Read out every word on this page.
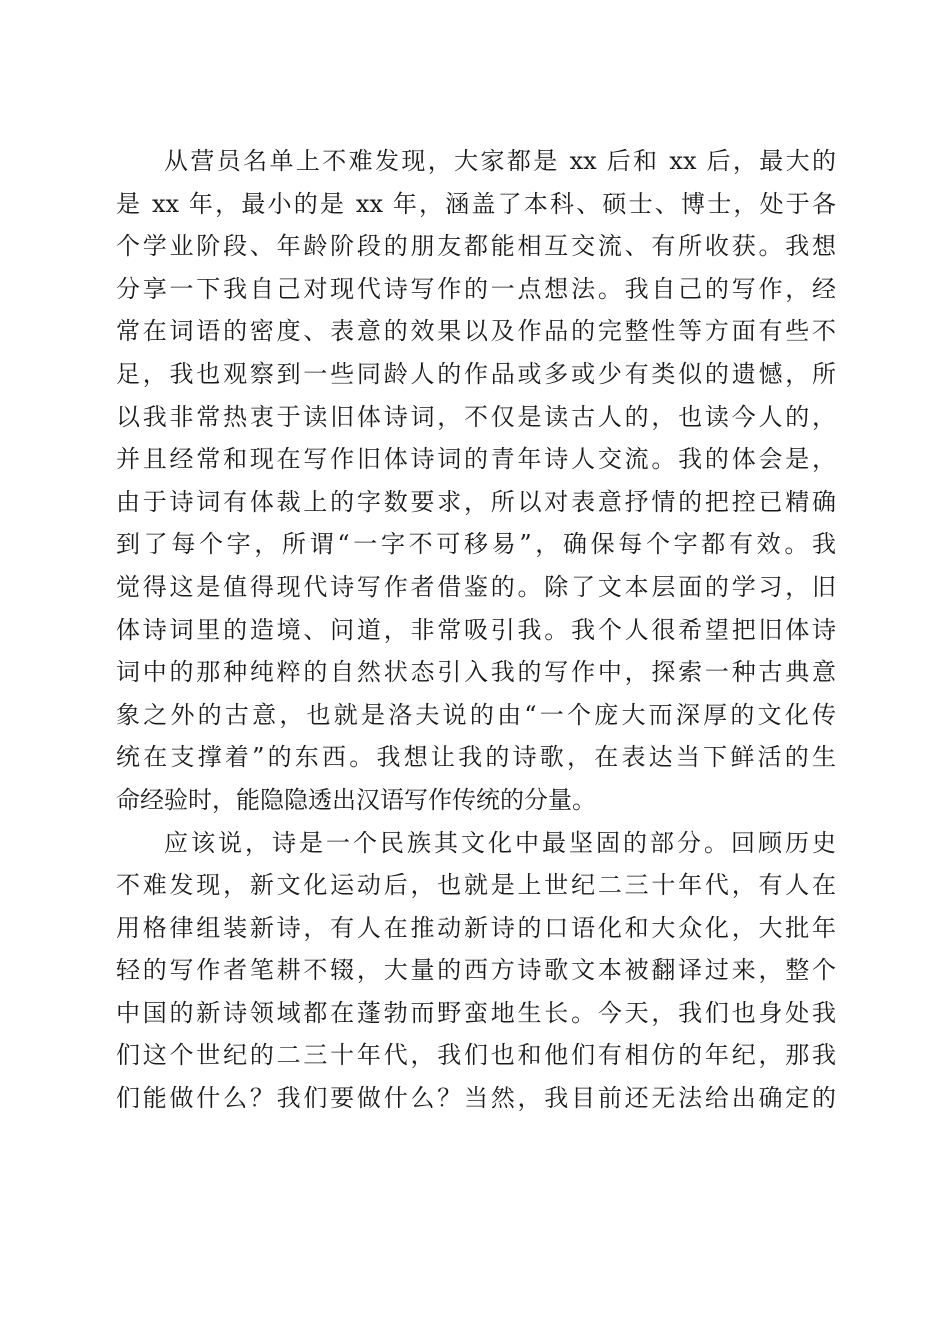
从营员名单上不难发现，大家都是 xx 后和 xx 后，最大的
是 xx 年，最小的是 xx 年，涵盖了本科、硕士、博士，处于各
个学业阶段、年龄阶段的朋友都能相互交流、有所收获。我想
分享一下我自己对现代诗写作的一点想法。我自己的写作，经
常在词语的密度、表意的效果以及作品的完整性等方面有些不
足，我也观察到一些同龄人的作品或多或少有类似的遗憾，所
以我非常热衷于读旧体诗词，不仅是读古人的，也读今人的，
并且经常和现在写作旧体诗词的青年诗人交流。我的体会是，
由于诗词有体裁上的字数要求，所以对表意抒情的把控已精确
到了每个字，所谓“一字不可移易”，确保每个字都有效。我
觉得这是值得现代诗写作者借鉴的。除了文本层面的学习，旧
体诗词里的造境、问道，非常吸引我。我个人很希望把旧体诗
词中的那种纯粹的自然状态引入我的写作中，探索一种古典意
象之外的古意，也就是洛夫说的由“一个庞大而深厚的文化传
统在支撑着”的东西。我想让我的诗歌，在表达当下鲜活的生
命经验时，能隐隐透出汉语写作传统的分量。
应该说，诗是一个民族其文化中最坚固的部分。回顾历史
不难发现，新文化运动后，也就是上世纪二三十年代，有人在
用格律组装新诗，有人在推动新诗的口语化和大众化，大批年
轻的写作者笔耕不辍，大量的西方诗歌文本被翻译过来，整个
中国的新诗领域都在蓬勃而野蛮地生长。今天，我们也身处我
们这个世纪的二三十年代，我们也和他们有相仿的年纪，那我
们能做什么？我们要做什么？当然，我目前还无法给出确定的
